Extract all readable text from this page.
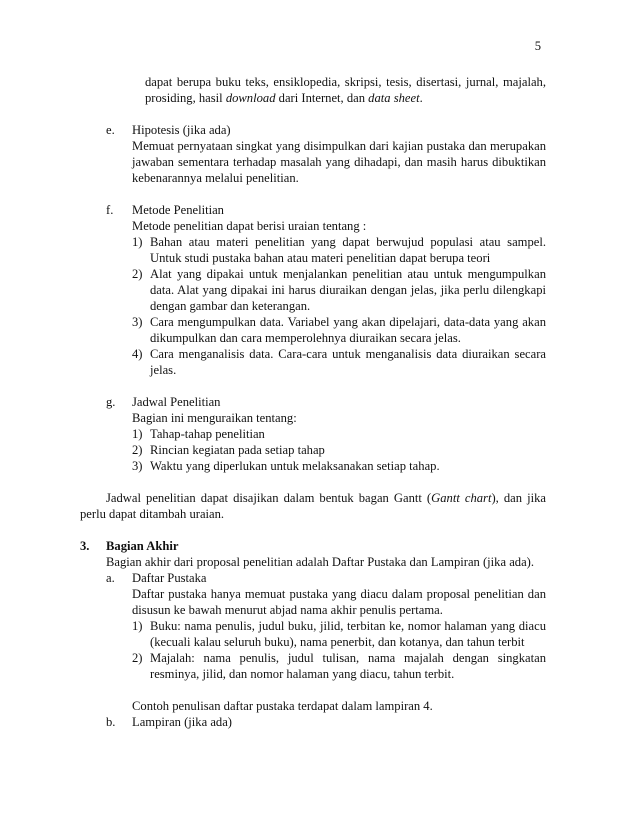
5
dapat berupa buku teks, ensiklopedia, skripsi, tesis, disertasi, jurnal, majalah,
prosiding, hasil download dari Internet, dan data sheet.
e.	Hipotesis (jika ada)
Memuat pernyataan singkat yang disimpulkan dari kajian pustaka dan merupakan
jawaban sementara terhadap masalah yang dihadapi, dan masih harus dibuktikan
kebenarannya melalui penelitian.
f.	Metode Penelitian
Metode penelitian dapat berisi uraian tentang :
1) Bahan atau materi penelitian yang dapat berwujud populasi atau sampel.
Untuk studi pustaka bahan atau materi penelitian dapat berupa teori
2) Alat yang dipakai untuk menjalankan penelitian atau untuk mengumpulkan
data. Alat yang dipakai ini harus diuraikan dengan jelas, jika perlu dilengkapi
dengan gambar dan keterangan.
3) Cara mengumpulkan data. Variabel yang akan dipelajari, data-data yang akan
dikumpulkan dan cara memperolehnya diuraikan secara jelas.
4) Cara menganalisis data. Cara-cara untuk menganalisis data diuraikan secara
jelas.
g.	Jadwal Penelitian
Bagian ini menguraikan tentang:
1) Tahap-tahap penelitian
2) Rincian kegiatan pada setiap tahap
3) Waktu yang diperlukan untuk melaksanakan setiap tahap.
Jadwal penelitian dapat disajikan dalam bentuk bagan Gantt (Gantt chart), dan jika
perlu dapat ditambah uraian.
3. Bagian Akhir
Bagian akhir dari proposal penelitian adalah Daftar Pustaka dan Lampiran (jika ada).
a.	Daftar Pustaka
Daftar pustaka hanya memuat pustaka yang diacu dalam proposal penelitian dan
disusun ke bawah menurut abjad nama akhir penulis pertama.
1) Buku: nama penulis, judul buku, jilid, terbitan ke, nomor halaman yang diacu
(kecuali kalau seluruh buku), nama penerbit, dan kotanya, dan tahun terbit
2) Majalah:  nama  penulis,  judul  tulisan,  nama  majalah  dengan  singkatan
resminya, jilid, dan nomor halaman yang diacu, tahun terbit.
Contoh penulisan daftar pustaka terdapat dalam lampiran 4.
b.	Lampiran (jika ada)
